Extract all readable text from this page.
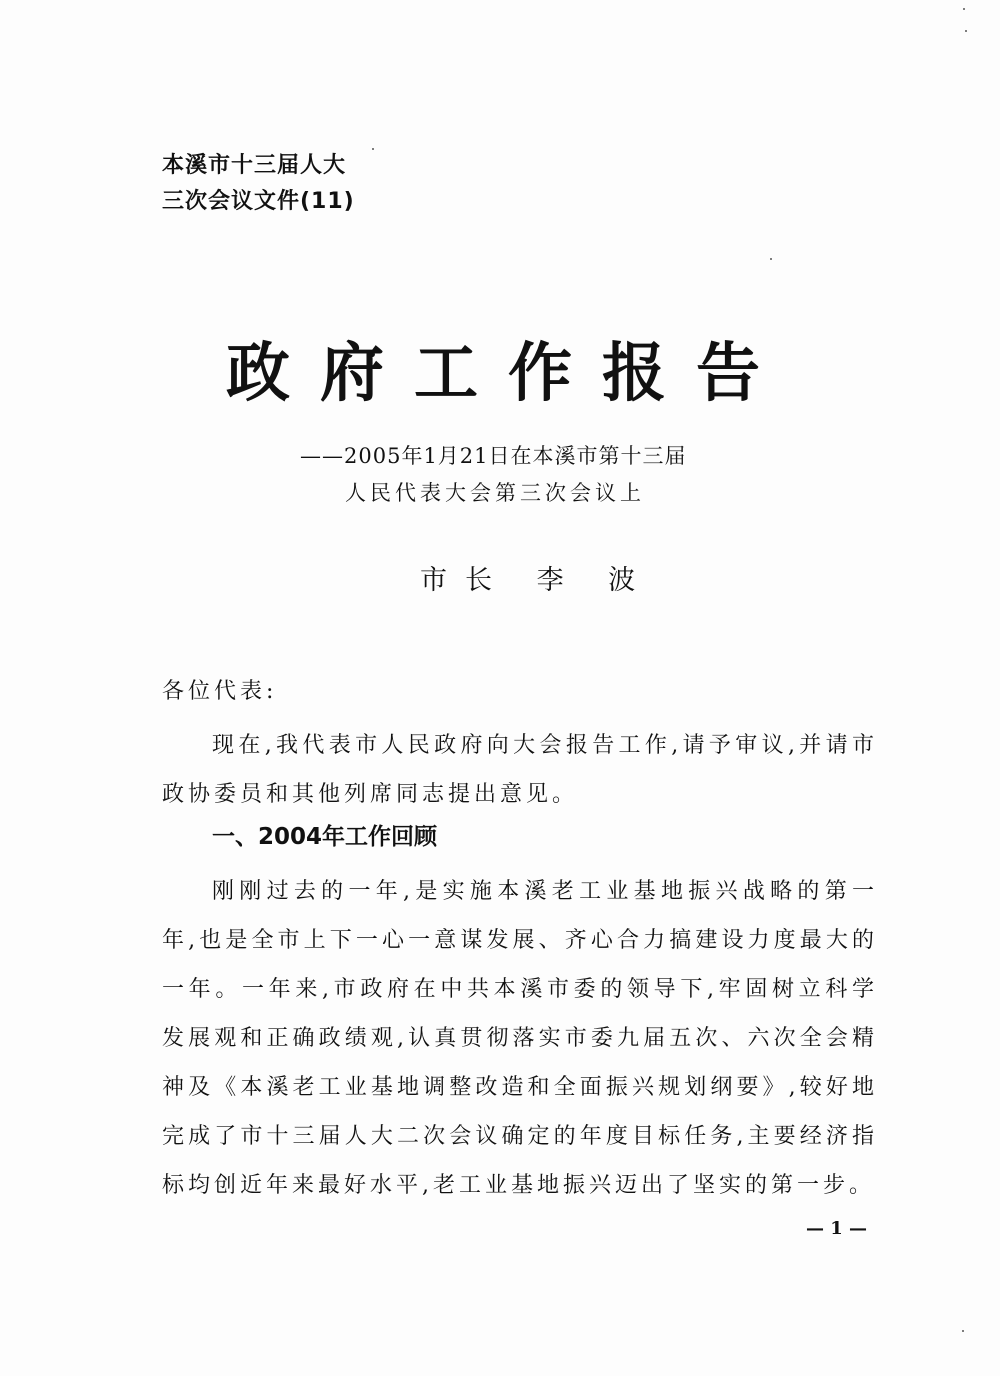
本溪市十三届人大
三次会议文件(11)
政府工作报告
——2005年1月21日在本溪市第十三届
人民代表大会第三次会议上
市长 李 波
各位代表:

现在,我代表市人民政府向大会报告工作,请予审议,并请市政协委员和其他列席同志提出意见。

一、2004年工作回顾

刚刚过去的一年,是实施本溪老工业基地振兴战略的第一年,也是全市上下一心一意谋发展、齐心合力搞建设力度最大的一年。一年来,市政府在中共本溪市委的领导下,牢固树立科学发展观和正确政绩观,认真贯彻落实市委九届五次、六次全会精神及《本溪老工业基地调整改造和全面振兴规划纲要》,较好地完成了市十三届人大二次会议确定的年度目标任务,主要经济指标均创近年来最好水平,老工业基地振兴迈出了坚实的第一步。

— 1 —
